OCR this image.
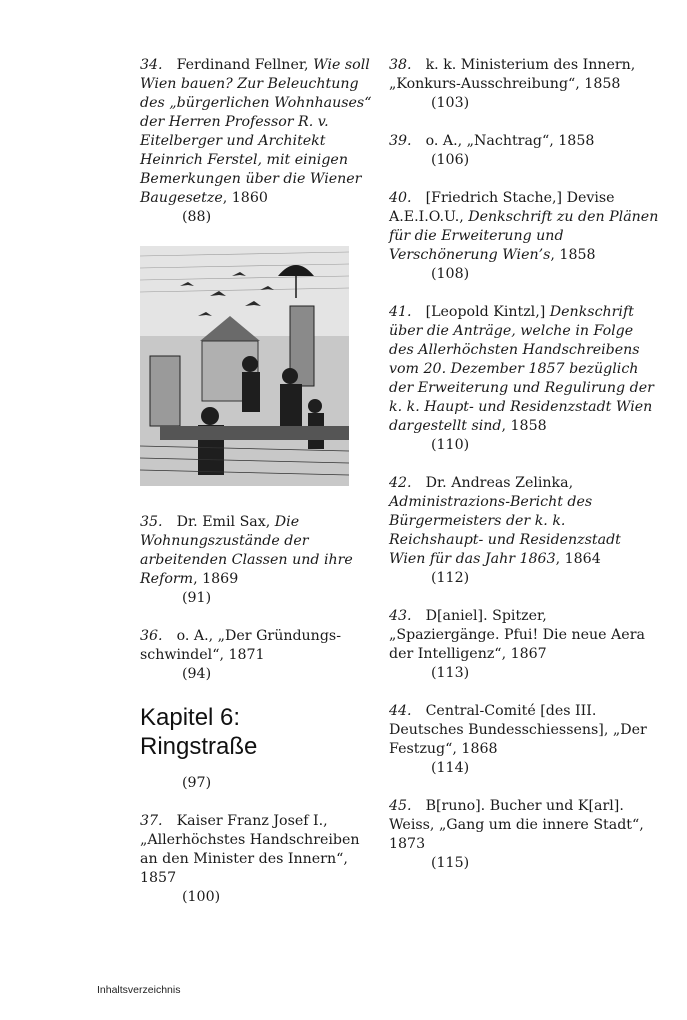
34. Ferdinand Fellner, Wie soll Wien bauen? Zur Beleuchtung des „bürgerlichen Wohnhauses“ der Herren Professor R. v. Eitelberger und Architekt Heinrich Ferstel, mit einigen Bemerkungen über die Wiener Baugesetze, 1860
(88)
35. Dr. Emil Sax, Die Wohnungszustände der arbeitenden Classen und ihre Reform, 1869
(91)
36. o. A., „Der Gründungsschwindel“, 1871
(94)
Kapitel 6:
Ringstraße
(97)
37. Kaiser Franz Josef I., „Allerhöchstes Handschreiben an den Minister des Innern“, 1857
(100)
38. k. k. Ministerium des Innern, „Konkurs-Ausschreibung“, 1858
(103)
39. o. A., „Nachtrag“, 1858
(106)
40. [Friedrich Stache,] Devise A.E.I.O.U., Denkschrift zu den Plänen für die Erweiterung und Verschönerung Wien’s, 1858
(108)
41. [Leopold Kintzl,] Denkschrift über die Anträge, welche in Folge des Allerhöchsten Handschreibens vom 20. Dezember 1857 bezüglich der Erweiterung und Regulirung der k. k. Haupt- und Residenzstadt Wien dargestellt sind, 1858
(110)
42. Dr. Andreas Zelinka, Administrazions-Bericht des Bürgermeisters der k. k. Reichshaupt- und Residenzstadt Wien für das Jahr 1863, 1864
(112)
43. D[aniel]. Spitzer, „Spaziergänge. Pfui! Die neue Aera der Intelligenz“, 1867
(113)
44. Central-Comité [des III. Deutsches Bundesschiessens], „Der Festzug“, 1868
(114)
45. B[runo]. Bucher und K[arl]. Weiss, „Gang um die innere Stadt“, 1873
(115)
Inhaltsverzeichnis
